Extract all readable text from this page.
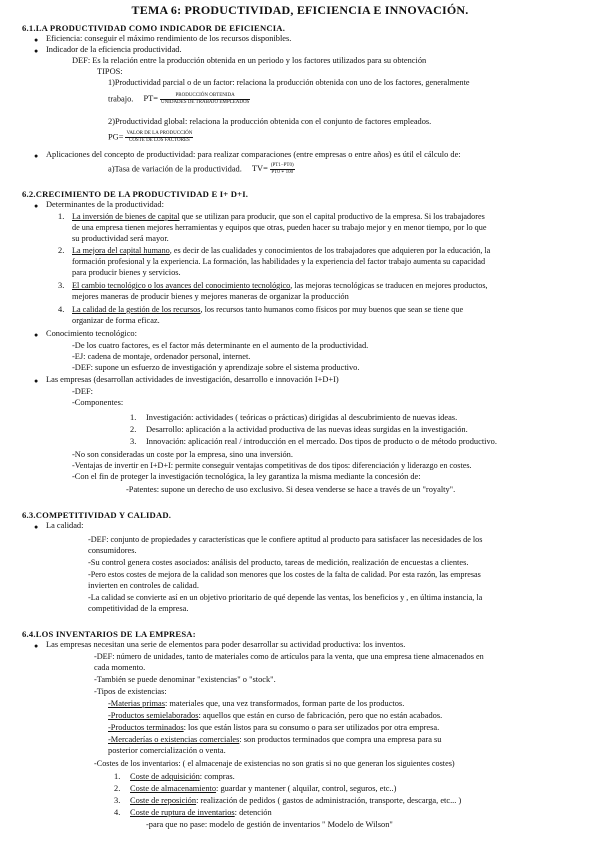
TEMA 6: PRODUCTIVIDAD, EFICIENCIA E INNOVACIÓN.
6.1.LA PRODUCTIVIDAD COMO INDICADOR DE EFICIENCIA.
● Eficiencia: conseguir el máximo rendimiento de los recursos disponibles.
● Indicador de la eficiencia productividad.
DEF: Es la relación entre la producción obtenida en un periodo y los factores utilizados para su obtención
TIPOS:
1)Productividad parcial o de un factor: relaciona la producción obtenida con uno de los factores, generalmente
trabajo. $PT= \frac{\text{PRODUCCIÓN OBTENIDA}}{\text{UNIDADES DE TRABAJO EMPLEADOS}}$
2)Productividad global: relaciona la producción obtenida con el conjunto de factores empleados.
$PG= \frac{\text{VALOR DE LA PRODUCCIÓN}}{\text{COSTE DE LOS FACTORES}}$
● Aplicaciones del concepto de productividad: para realizar comparaciones (entre empresas o entre años) es útil el cálculo de:
a)Tasa de variación de la productividad. $TV= \frac{(PT1-PT0)}{PT0 ∗ 100}$
6.2.CRECIMIENTO DE LA PRODUCTIVIDAD E I+ D+I.
● Determinantes de la productividad:
1. La inversión de bienes de capital que se utilizan para producir, que son el capital productivo de la empresa. Si los trabajadores
de una empresa tienen mejores herramientas y equipos que otras, pueden hacer su trabajo mejor y en menor tiempo, por lo que
su productividad será mayor.
2. La mejora del capital humano, es decir de las cualidades y conocimientos de los trabajadores que adquieren por la educación, la
formación profesional y la experiencia. La formación, las habilidades y la experiencia del factor trabajo aumenta su capacidad
para producir bienes y servicios.
3. El cambio tecnológico o los avances del conocimiento tecnológico, las mejoras tecnológicas se traducen en mejores productos,
mejores maneras de producir bienes y mejores maneras de organizar la producción
4. La calidad de la gestión de los recursos, los recursos tanto humanos como físicos por muy buenos que sean se tiene que
organizar de forma eficaz.
● Conocimiento tecnológico:
-De los cuatro factores, es el factor más determinante en el aumento de la productividad.
-EJ: cadena de montaje, ordenador personal, internet.
-DEF: supone un esfuerzo de investigación y aprendizaje sobre el sistema productivo.
● Las empresas (desarrollan actividades de investigación, desarrollo e innovación I+D+I)
-DEF:
-Componentes:
1. Investigación: actividades ( teóricas o prácticas) dirigidas al descubrimiento de nuevas ideas.
2. Desarrollo: aplicación a la actividad productiva de las nuevas ideas surgidas en la investigación.
3. Innovación: aplicación real / introducción en el mercado. Dos tipos de producto o de método productivo.
-No son consideradas un coste por la empresa, sino una inversión.
-Ventajas de invertir en I+D+I: permite conseguir ventajas competitivas de dos tipos: diferenciación y liderazgo en costes.
-Con el fin de proteger la investigación tecnológica, la ley garantiza la misma mediante la concesión de:
-Patentes: supone un derecho de uso exclusivo. Si desea venderse se hace a través de un "royalty".
6.3.COMPETITIVIDAD Y CALIDAD.
● La calidad:
-DEF: conjunto de propiedades y características que le confiere aptitud al producto para satisfacer las necesidades de los
consumidores.
-Su control genera costes asociados: análisis del producto, tareas de medición, realización de encuestas a clientes.
-Pero estos costes de mejora de la calidad son menores que los costes de la falta de calidad. Por esta razón, las empresas
invierten en controles de calidad.
-La calidad se convierte así en un objetivo prioritario de qué depende las ventas, los beneficios y , en última instancia, la
competitividad de la empresa.
6.4.LOS INVENTARIOS DE LA EMPRESA:
● Las empresas necesitan una serie de elementos para poder desarrollar su actividad productiva: los inventos.
-DEF: número de unidades, tanto de materiales como de artículos para la venta, que una empresa tiene almacenados en
cada momento.
-También se puede denominar "existencias" o "stock".
-Tipos de existencias:
-Materias primas: materiales que, una vez transformados, forman parte de los productos.
-Productos semielaborados: aquellos que están en curso de fabricación, pero que no están acabados.
-Productos terminados: los que están listos para su consumo o para ser utilizados por otra empresa.
-Mercaderías o existencias comerciales: son productos terminados que compra una empresa para su
posterior comercialización o venta.
-Costes de los inventarios: ( el almacenaje de existencias no son gratis si no que generan los siguientes costes)
1. Coste de adquisición: compras.
2. Coste de almacenamiento: guardar y mantener ( alquilar, control, seguros, etc..)
3. Coste de reposición: realización de pedidos ( gastos de administración, transporte, descarga, etc... )
4. Coste de ruptura de inventarios: detención
-para que no pase: modelo de gestión de inventarios " Modelo de Wilson"
